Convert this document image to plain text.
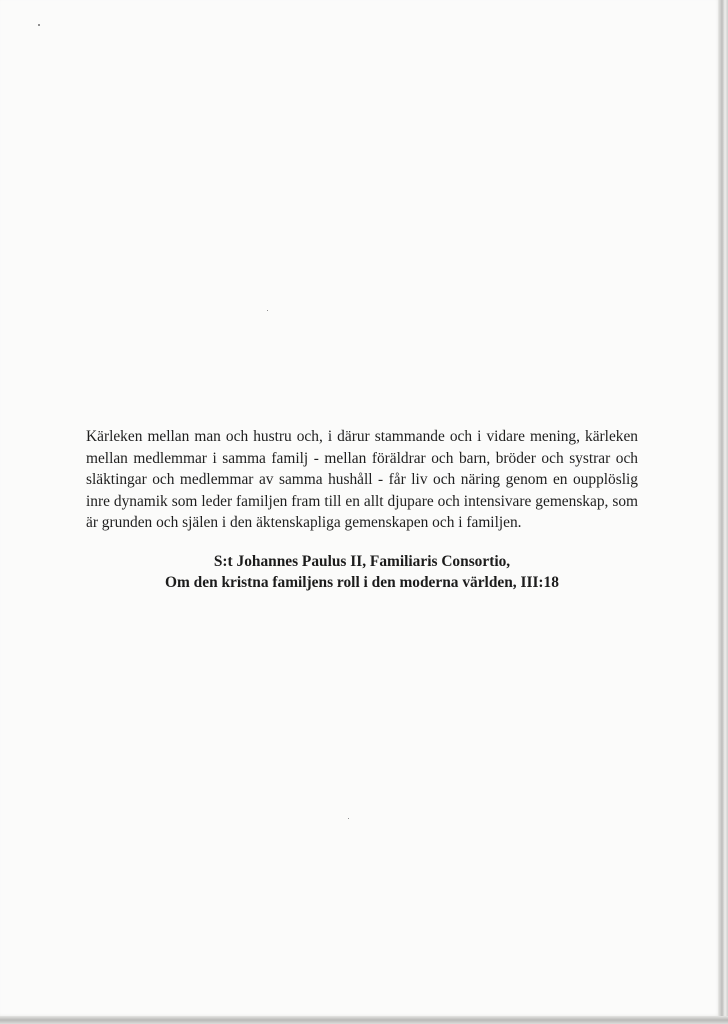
Kärleken mellan man och hustru och, i därur stammande och i vidare mening, kärleken mellan medlemmar i samma familj - mellan föräldrar och barn, bröder och systrar och släktingar och medlemmar av samma hushåll - får liv och näring genom en oupplöslig inre dynamik som leder familjen fram till en allt djupare och intensivare gemenskap, som är grunden och själen i den äktenskapliga gemenskapen och i familjen.

S:t Johannes Paulus II, Familiaris Consortio,
Om den kristna familjens roll i den moderna världen, III:18
